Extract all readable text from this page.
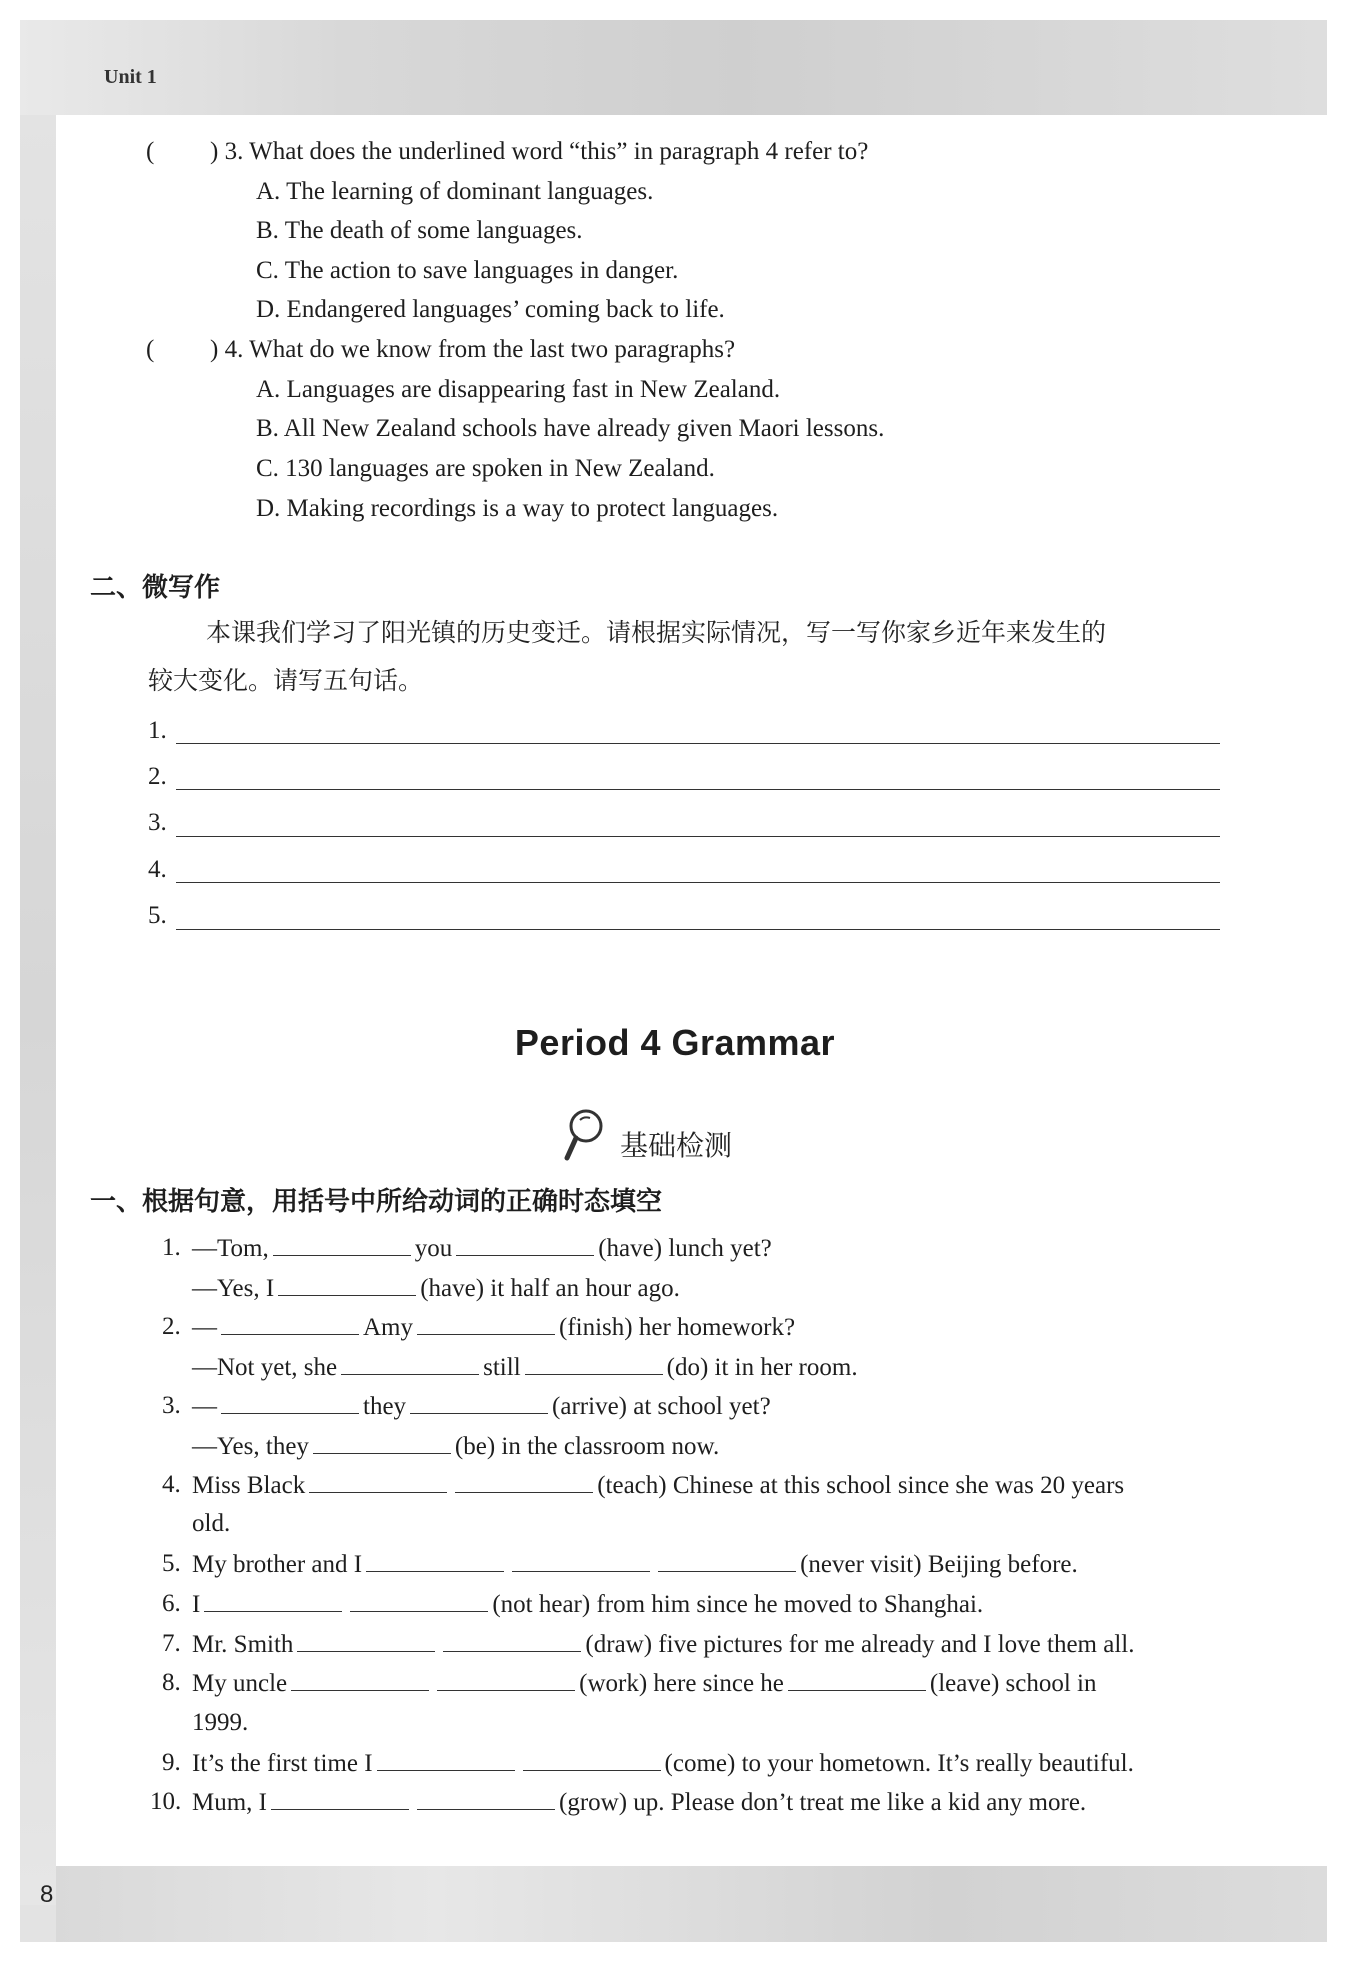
Unit 1
8
( ) 3. What does the underlined word “this” in paragraph 4 refer to?
A. The learning of dominant languages.
B. The death of some languages.
C. The action to save languages in danger.
D. Endangered languages’ coming back to life.
( ) 4. What do we know from the last two paragraphs?
A. Languages are disappearing fast in New Zealand.
B. All New Zealand schools have already given Maori lessons.
C. 130 languages are spoken in New Zealand.
D. Making recordings is a way to protect languages.
二、微写作
本课我们学习了阳光镇的历史变迁。请根据实际情况，写一写你家乡近年来发生的
较大变化。请写五句话。
1.
2.
3.
4.
5.
Period 4 Grammar
基础检测
一、根据句意，用括号中所给动词的正确时态填空
1. —Tom,	you	(have) lunch yet?
—Yes, I	(have) it half an hour ago.
2. —	Amy	(finish) her homework?
—Not yet, she	still	(do) it in her room.
3. —	they	(arrive) at school yet?
—Yes, they	(be) in the classroom now.
4. Miss Black	(teach) Chinese at this school since she was 20 years
old.
5. My brother and I	(never visit) Beijing before.
6. I	(not hear) from him since he moved to Shanghai.
7. Mr. Smith	(draw) five pictures for me already and I love them all.
8. My uncle	(work) here since he	(leave) school in
1999.
9. It’s the first time I	(come) to your hometown. It’s really beautiful.
10. Mum, I	(grow) up. Please don’t treat me like a kid any more.
